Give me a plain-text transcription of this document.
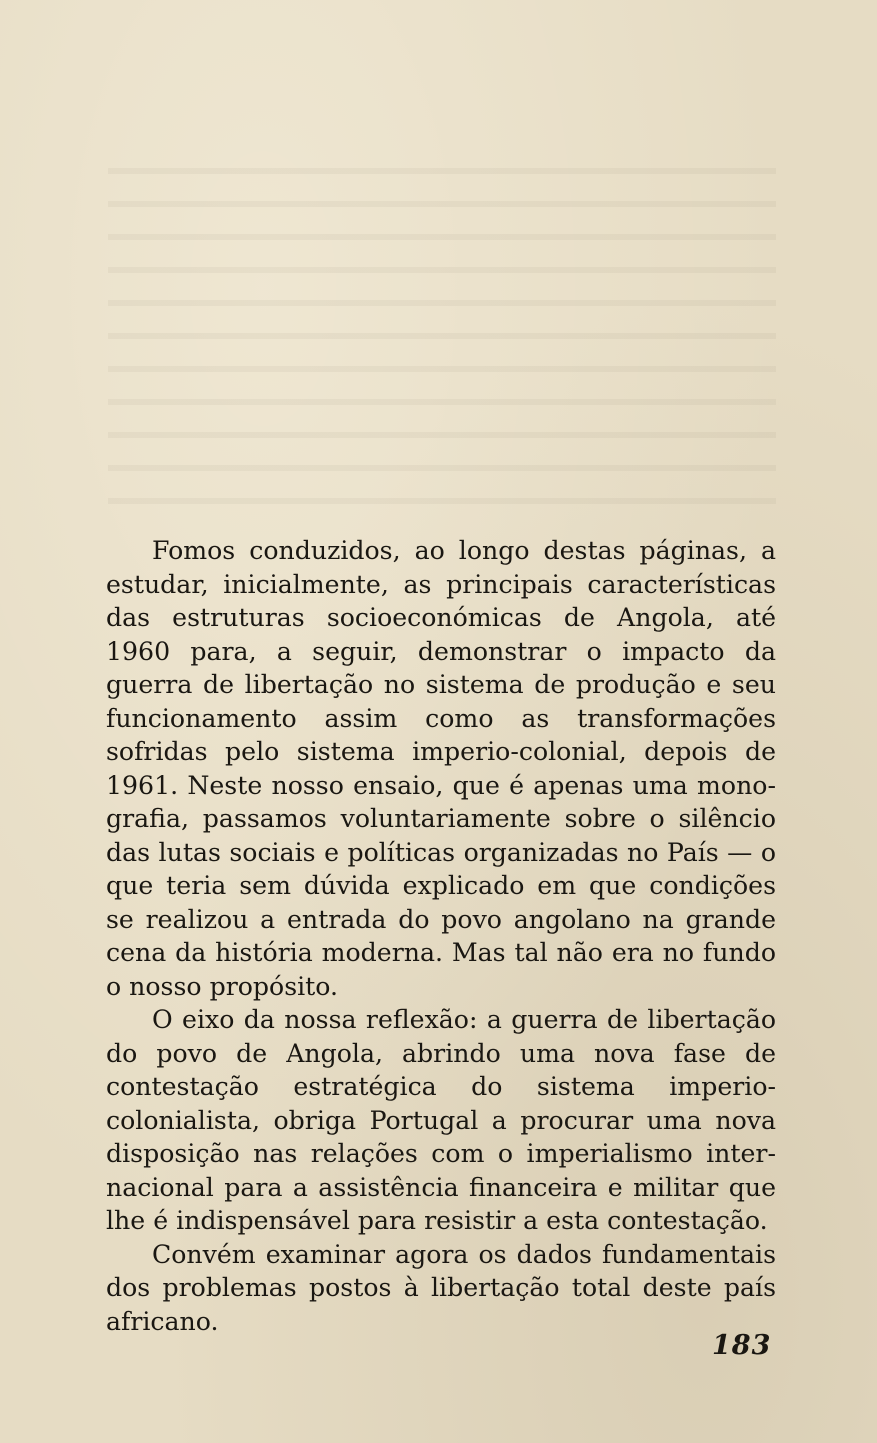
Fomos conduzidos, ao longo destas páginas, a estudar, inicialmente, as principais características das estruturas socioeconómicas de Angola, até 1960 para, a seguir, demonstrar o impacto da guerra de libertação no sistema de produção e seu funcionamento assim como as transformações sofridas pelo sistema imperio-colonial, depois de 1961. Neste nosso ensaio, que é apenas uma monografia, passamos voluntariamente sobre o silêncio das lutas sociais e políticas organizadas no País — o que teria sem dúvida explicado em que condições se realizou a entrada do povo angolano na grande cena da história moderna. Mas tal não era no fundo o nosso propósito.

O eixo da nossa reflexão: a guerra de libertação do povo de Angola, abrindo uma nova fase de contestação estratégica do sistema imperio-colonialista, obriga Portugal a procurar uma nova disposição nas relações com o imperialismo internacional para a assistência financeira e militar que lhe é indispensável para resistir a esta contestação.

Convém examinar agora os dados fundamentais dos problemas postos à libertação total deste país africano.

183
